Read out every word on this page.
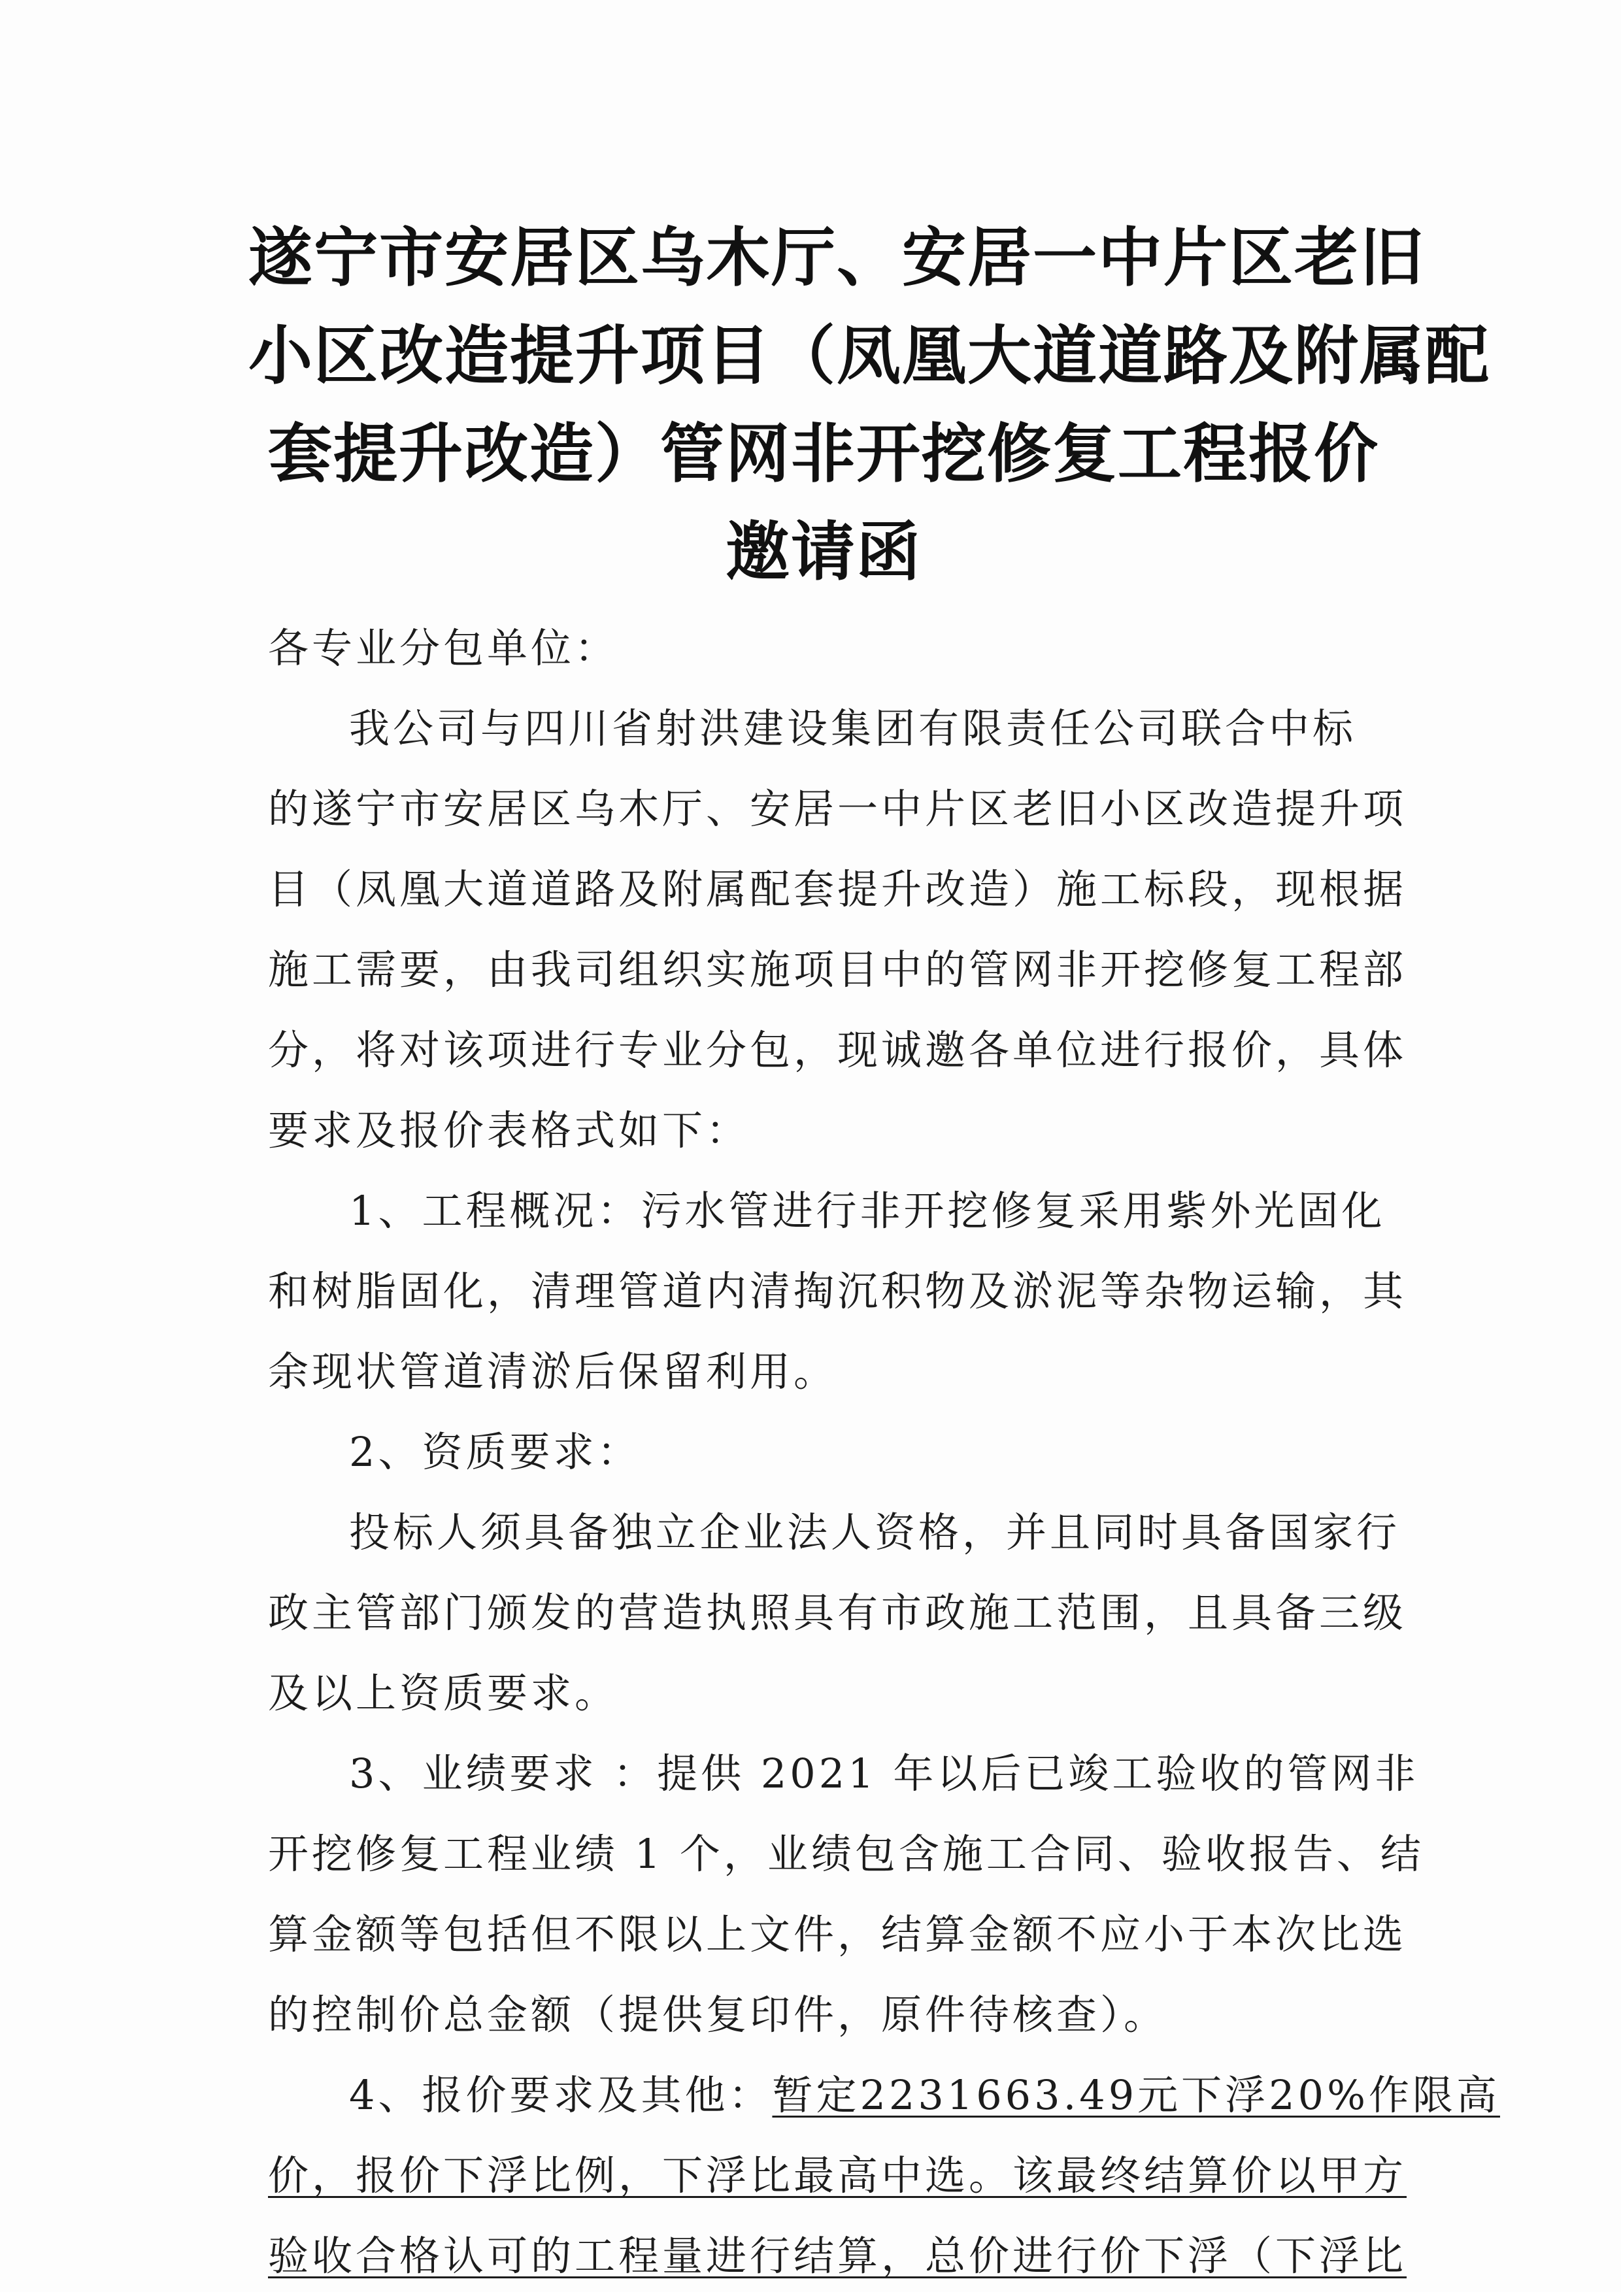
遂宁市安居区乌木厅、安居一中片区老旧
小区改造提升项目（凤凰大道道路及附属配
套提升改造）管网非开挖修复工程报价
邀请函
各专业分包单位：
我公司与四川省射洪建设集团有限责任公司联合中标
的遂宁市安居区乌木厅、安居一中片区老旧小区改造提升项
目（凤凰大道道路及附属配套提升改造）施工标段，现根据
施工需要，由我司组织实施项目中的管网非开挖修复工程部
分，将对该项进行专业分包，现诚邀各单位进行报价，具体
要求及报价表格式如下：
1、工程概况：污水管进行非开挖修复采用紫外光固化
和树脂固化，清理管道内清掏沉积物及淤泥等杂物运输，其
余现状管道清淤后保留利用。
2、资质要求：
投标人须具备独立企业法人资格，并且同时具备国家行
政主管部门颁发的营造执照具有市政施工范围，且具备三级
及以上资质要求。
3、业绩要求 ：提供 2021 年以后已竣工验收的管网非
开挖修复工程业绩 1 个，业绩包含施工合同、验收报告、结
算金额等包括但不限以上文件，结算金额不应小于本次比选
的控制价总金额（提供复印件，原件待核查）。
4、报价要求及其他：暂定2231663.49元下浮20%作限高
价，报价下浮比例，下浮比最高中选。该最终结算价以甲方
验收合格认可的工程量进行结算，总价进行价下浮（下浮比
